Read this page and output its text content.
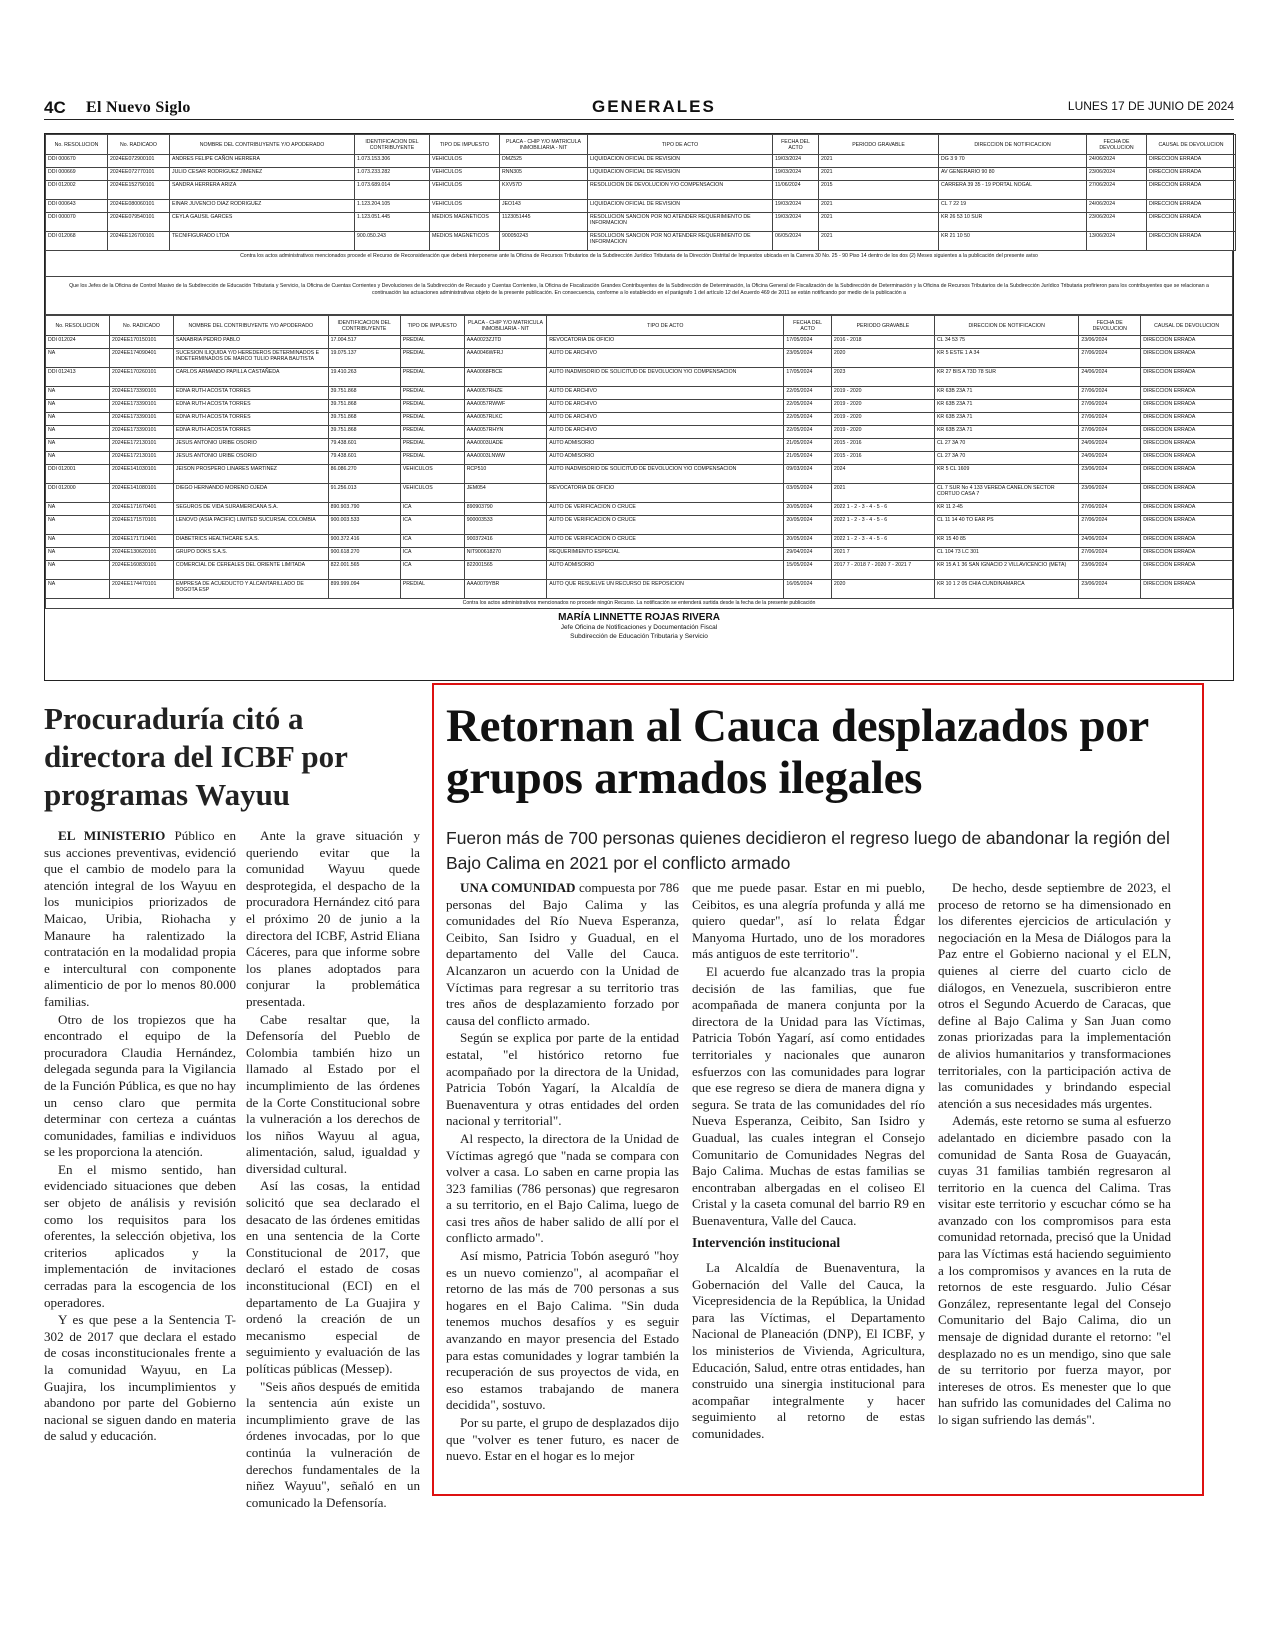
4C El Nuevo Siglo	GENERALES	LUNES 17 DE JUNIO DE 2024
No. RESOLUCION	No. RADICADO	NOMBRE DEL CONTRIBUYENTE Y/O APODERADO	IDENTIFICACION DEL CONTRIBUYENTE	TIPO DE IMPUESTO	PLACA - CHIP Y/O MATRICULA INMOBILIARIA - NIT	TIPO DE ACTO	FECHA DEL ACTO	PERIODO GRAVABLE	DIRECCION DE NOTIFICACION	FECHA DE DEVOLUCION	CAUSAL DE DEVOLUCION
DDI 000670	2024EE072900101	ANDRES FELIPE CAÑON HERRERA	1.073.153.306	VEHICULOS	DMZ525	LIQUIDACION OFICIAL DE REVISION	19/03/2024	2021	DG 3 9 70	24/06/2024	DIRECCION ERRADA
DDI 000669	2024EE072770101	JULIO CESAR RODRIGUEZ JIMENEZ	1.073.233.282	VEHICULOS	RNN305	LIQUIDACION OFICIAL DE REVISION	19/03/2024	2021	AV GENERARIO 90 80	23/06/2024	DIRECCION ERRADA
DDI 012002	2024EE152790101	SANDRA HERRERA ARIZA	1.073.689.014	VEHICULOS	KXV57D	RESOLUCION DE DEVOLUCION Y/O COMPENSACION	11/06/2024	2015	CARRERA 39 35 - 19 PORTAL NOGAL	27/06/2024	DIRECCION ERRADA
DDI 000643	2024EE080060101	EINAR JUVENCIO DIAZ RODRIGUEZ	1.123.204.105	VEHICULOS	JEO143	LIQUIDACION OFICIAL DE REVISION	19/03/2024	2021	CL 7 22 19	24/06/2024	DIRECCION ERRADA
DDI 000070	2024EE079540101	CEYLA GAUSIL GARCES	1.123.051.445	MEDIOS MAGNETICOS	1123051445	RESOLUCION SANCION POR NO ATENDER REQUERIMIENTO DE INFORMACION	19/03/2024	2021	KR 26 53 10 SUR	23/06/2024	DIRECCION ERRADA
DDI 012068	2024EE126700101	TECNIFIGURADO LTDA	900.050.243	MEDIOS MAGNETICOS	900050243	RESOLUCION SANCION POR NO ATENDER REQUERIMIENTO DE INFORMACION	06/05/2024	2021	KR 21 10 50	13/06/2024	DIRECCION ERRADA
Contra los actos administrativos mencionados procede el Recurso de Reconsideración que deberá interponerse ante la Oficina de Recursos Tributarios de la Subdirección Jurídico Tributaria de la Dirección Distrital de Impuestos ubicada en la Carrera 30 No. 25 - 90 Piso 14 dentro de los dos (2) Meses siguientes a la publicación del presente aviso
Que los Jefes de la Oficina de Control Masivo de la Subdirección de Educación Tributaria y Servicio, la Oficina de Cuentas Corrientes y Devoluciones de la Subdirección de Recaudo y Cuentas Corrientes, la Oficina de Fiscalización Grandes Contribuyentes de la Subdirección de Determinación, la Oficina General de Fiscalización de la Subdirección de Determinación y la Oficina de Recursos Tributarios de la Subdirección Jurídico Tributaria profirieron para los contribuyentes que se relacionan a continuación las actuaciones administrativas objeto de la presente publicación. En consecuencia, conforme a lo establecido en el parágrafo 1 del artículo 12 del Acuerdo 469 de 2011 se están notificando por medio de la publicación a
No. RESOLUCION	No. RADICADO	NOMBRE DEL CONTRIBUYENTE Y/O APODERADO	IDENTIFICACION DEL CONTRIBUYENTE	TIPO DE IMPUESTO	PLACA - CHIP Y/O MATRICULA INMOBILIARIA - NIT	TIPO DE ACTO	FECHA DEL ACTO	PERIODO GRAVABLE	DIRECCION DE NOTIFICACION	FECHA DE DEVOLUCION	CAUSAL DE DEVOLUCION
DDI 012024	2024EE170150101	SANABRIA PEDRO PABLO	17.004.517	PREDIAL	AAA0023ZJTD	REVOCATORIA DE OFICIO	17/05/2024	2016 - 2018	CL 34 53 75	23/06/2024	DIRECCION ERRADA
NA	2024EE174090401	SUCESION ILIQUIDA Y/O HEREDEROS DETERMINADOS E INDETERMINADOS DE MARCO TULIO PARRA BAUTISTA	19.075.137	PREDIAL	AAA0046WFRJ	AUTO DE ARCHIVO	23/05/2024	2020	KR 5 ESTE 1 A 34	27/06/2024	DIRECCION ERRADA
DDI 012413	2024EE170260101	CARLOS ARMANDO PAPILLA CASTAÑEDA	19.410.263	PREDIAL	AAA0068FBCE	AUTO INADMISORIO DE SOLICITUD DE DEVOLUCION Y/O COMPENSACION	17/05/2024	2023	KR 27 BIS A 73D 78 SUR	24/06/2024	DIRECCION ERRADA
NA	2024EE173390101	EDNA RUTH ACOSTA TORRES	39.751.868	PREDIAL	AAA0057RHZE	AUTO DE ARCHIVO	22/05/2024	2019 - 2020	KR 63B 23A 71	27/06/2024	DIRECCION ERRADA
NA	2024EE173390101	EDNA RUTH ACOSTA TORRES	39.751.868	PREDIAL	AAA0057RWWF	AUTO DE ARCHIVO	22/05/2024	2019 - 2020	KR 63B 23A 71	27/06/2024	DIRECCION ERRADA
NA	2024EE173390101	EDNA RUTH ACOSTA TORRES	39.751.868	PREDIAL	AAA0057RLKC	AUTO DE ARCHIVO	22/05/2024	2019 - 2020	KR 63B 23A 71	27/06/2024	DIRECCION ERRADA
NA	2024EE173390101	EDNA RUTH ACOSTA TORRES	39.751.868	PREDIAL	AAA0057RHYN	AUTO DE ARCHIVO	22/05/2024	2019 - 2020	KR 63B 23A 71	27/06/2024	DIRECCION ERRADA
NA	2024EE172130101	JESUS ANTONIO URIBE OSORIO	79.438.601	PREDIAL	AAA0003UADE	AUTO ADMISORIO	21/05/2024	2015 - 2016	CL 27 3A 70	24/06/2024	DIRECCION ERRADA
NA	2024EE172130101	JESUS ANTONIO URIBE OSORIO	79.438.601	PREDIAL	AAA0003LNWW	AUTO ADMISORIO	21/05/2024	2015 - 2016	CL 27 3A 70	24/06/2024	DIRECCION ERRADA
DDI 012001	2024EE141030101	JEISON PROSPERO LINARES MARTINEZ	86.086.270	VEHICULOS	RCP510	AUTO INADMISORIO DE SOLICITUD DE DEVOLUCION Y/O COMPENSACION	09/03/2024	2024	KR 5 CL 1609	23/06/2024	DIRECCION ERRADA
DDI 012000	2024EE141080101	DIEGO HERNANDO MORENO OJEDA	91.256.013	VEHICULOS	JEM054	REVOCATORIA DE OFICIO	03/05/2024	2021	CL 7 SUR No 4 133 VEREDA CANELON SECTOR CORTIJO CASA 7	23/06/2024	DIRECCION ERRADA
NA	2024EE171670401	SEGUROS DE VIDA SURAMERICANA S.A.	890.903.790	ICA	890903790	AUTO DE VERIFICACION O CRUCE	20/05/2024	2022 1 - 2 - 3 - 4 - 5 - 6	KR 11 2-45	27/06/2024	DIRECCION ERRADA
NA	2024EE171570101	LENOVO (ASIA PACIFIC) LIMITED SUCURSAL COLOMBIA	900.003.533	ICA	900003533	AUTO DE VERIFICACION O CRUCE	20/05/2024	2022 1 - 2 - 3 - 4 - 5 - 6	CL 11 14 40 TO EAR PS	27/06/2024	DIRECCION ERRADA
NA	2024EE171710401	DIABETRICS HEALTHCARE S.A.S.	900.372.416	ICA	900372416	AUTO DE VERIFICACION O CRUCE	20/05/2024	2022 1 - 2 - 3 - 4 - 5 - 6	KR 15 40 85	24/06/2024	DIRECCION ERRADA
NA	2024EE130620101	GRUPO DOKS S.A.S.	900.618.270	ICA	NIT900618270	REQUERIMIENTO ESPECIAL	29/04/2024	2021 7	CL 104 73 LC 301	27/06/2024	DIRECCION ERRADA
NA	2024EE160830101	COMERCIAL DE CEREALES DEL ORIENTE LIMITADA	822.001.565	ICA	822001565	AUTO ADMISORIO	15/05/2024	2017 7 - 2018 7 - 2020 7 - 2021 7	KR 15 A 1 36 SAN IGNACIO 2 VILLAVICENCIO (META)	23/06/2024	DIRECCION ERRADA
NA	2024EE174470101	EMPRESA DE ACUEDUCTO Y ALCANTARILLADO DE BOGOTA ESP	899.999.094	PREDIAL	AAA0079YBR	AUTO QUE RESUELVE UN RECURSO DE REPOSICION	16/05/2024	2020	KR 10 1 2 05 CHIA CUNDINAMARCA	23/06/2024	DIRECCION ERRADA
Contra los actos administrativos mencionados no procede ningún Recurso. La notificación se entenderá surtida desde la fecha de la presente publicación
MARÍA LINNETTE ROJAS RIVERA
Jefe Oficina de Notificaciones y Documentación Fiscal
Subdirección de Educación Tributaria y Servicio
Procuraduría citó a directora del ICBF por programas Wayuu

EL MINISTERIO Público en sus acciones preventivas, evidenció que el cambio de modelo para la atención integral de los Wayuu en los municipios priorizados de Maicao, Uribia, Riohacha y Manaure ha ralentizado la contratación en la modalidad propia e intercultural con componente alimenticio de por lo menos 80.000 familias.

Otro de los tropiezos que ha encontrado el equipo de la procuradora Claudia Hernández, delegada segunda para la Vigilancia de la Función Pública, es que no hay un censo claro que permita determinar con certeza a cuántas comunidades, familias e individuos se les proporciona la atención.

En el mismo sentido, han evidenciado situaciones que deben ser objeto de análisis y revisión como los requisitos para los oferentes, la selección objetiva, los criterios aplicados y la implementación de invitaciones cerradas para la escogencia de los operadores.

Y es que pese a la Sentencia T-302 de 2017 que declara el estado de cosas inconstitucionales frente a la comunidad Wayuu, en La Guajira, los incumplimientos y abandono por parte del Gobierno nacional se siguen dando en materia de salud y educación.

Ante la grave situación y queriendo evitar que la comunidad Wayuu quede desprotegida, el despacho de la procuradora Hernández citó para el próximo 20 de junio a la directora del ICBF, Astrid Eliana Cáceres, para que informe sobre los planes adoptados para conjurar la problemática presentada.

Cabe resaltar que, la Defensoría del Pueblo de Colombia también hizo un llamado al Estado por el incumplimiento de las órdenes de la Corte Constitucional sobre la vulneración a los derechos de los niños Wayuu al agua, alimentación, salud, igualdad y diversidad cultural.

Así las cosas, la entidad solicitó que sea declarado el desacato de las órdenes emitidas en una sentencia de la Corte Constitucional de 2017, que declaró el estado de cosas inconstitucional (ECI) en el departamento de La Guajira y ordenó la creación de un mecanismo especial de seguimiento y evaluación de las políticas públicas (Messep).

"Seis años después de emitida la sentencia aún existe un incumplimiento grave de las órdenes invocadas, por lo que continúa la vulneración de derechos fundamentales de la niñez Wayuu", señaló en un comunicado la Defensoría.

Retornan al Cauca desplazados por grupos armados ilegales
Fueron más de 700 personas quienes decidieron el regreso luego de abandonar la región del Bajo Calima en 2021 por el conflicto armado

UNA COMUNIDAD compuesta por 786 personas del Bajo Calima y las comunidades del Río Nueva Esperanza, Ceibito, San Isidro y Guadual, en el departamento del Valle del Cauca. Alcanzaron un acuerdo con la Unidad de Víctimas para regresar a su territorio tras tres años de desplazamiento forzado por causa del conflicto armado.

Según se explica por parte de la entidad estatal, "el histórico retorno fue acompañado por la directora de la Unidad, Patricia Tobón Yagarí, la Alcaldía de Buenaventura y otras entidades del orden nacional y territorial".

Al respecto, la directora de la Unidad de Víctimas agregó que "nada se compara con volver a casa. Lo saben en carne propia las 323 familias (786 personas) que regresaron a su territorio, en el Bajo Calima, luego de casi tres años de haber salido de allí por el conflicto armado".

Así mismo, Patricia Tobón aseguró "hoy es un nuevo comienzo", al acompañar el retorno de las más de 700 personas a sus hogares en el Bajo Calima. "Sin duda tenemos muchos desafíos y es seguir avanzando en mayor presencia del Estado para estas comunidades y lograr también la recuperación de sus proyectos de vida, en eso estamos trabajando de manera decidida", sostuvo.

Por su parte, el grupo de desplazados dijo que "volver es tener futuro, es nacer de nuevo. Estar en el hogar es lo mejor

que me puede pasar. Estar en mi pueblo, Ceibitos, es una alegría profunda y allá me quiero quedar", así lo relata Édgar Manyoma Hurtado, uno de los moradores más antiguos de este territorio".

El acuerdo fue alcanzado tras la propia decisión de las familias, que fue acompañada de manera conjunta por la directora de la Unidad para las Víctimas, Patricia Tobón Yagarí, así como entidades territoriales y nacionales que aunaron esfuerzos con las comunidades para lograr que ese regreso se diera de manera digna y segura. Se trata de las comunidades del río Nueva Esperanza, Ceibito, San Isidro y Guadual, las cuales integran el Consejo Comunitario de Comunidades Negras del Bajo Calima. Muchas de estas familias se encontraban albergadas en el coliseo El Cristal y la caseta comunal del barrio R9 en Buenaventura, Valle del Cauca.

Intervención institucional

La Alcaldía de Buenaventura, la Gobernación del Valle del Cauca, la Vicepresidencia de la República, la Unidad para las Víctimas, el Departamento Nacional de Planeación (DNP), El ICBF, y los ministerios de Vivienda, Agricultura, Educación, Salud, entre otras entidades, han construido una sinergia institucional para acompañar integralmente y hacer seguimiento al retorno de estas comunidades.

De hecho, desde septiembre de 2023, el proceso de retorno se ha dimensionado en los diferentes ejercicios de articulación y negociación en la Mesa de Diálogos para la Paz entre el Gobierno nacional y el ELN, quienes al cierre del cuarto ciclo de diálogos, en Venezuela, suscribieron entre otros el Segundo Acuerdo de Caracas, que define al Bajo Calima y San Juan como zonas priorizadas para la implementación de alivios humanitarios y transformaciones territoriales, con la participación activa de las comunidades y brindando especial atención a sus necesidades más urgentes.

Además, este retorno se suma al esfuerzo adelantado en diciembre pasado con la comunidad de Santa Rosa de Guayacán, cuyas 31 familias también regresaron al territorio en la cuenca del Calima. Tras visitar este territorio y escuchar cómo se ha avanzado con los compromisos para esta comunidad retornada, precisó que la Unidad para las Víctimas está haciendo seguimiento a los compromisos y avances en la ruta de retornos de este resguardo. Julio César González, representante legal del Consejo Comunitario del Bajo Calima, dio un mensaje de dignidad durante el retorno: "el desplazado no es un mendigo, sino que sale de su territorio por fuerza mayor, por intereses de otros. Es menester que lo que han sufrido las comunidades del Calima no lo sigan sufriendo las demás".
